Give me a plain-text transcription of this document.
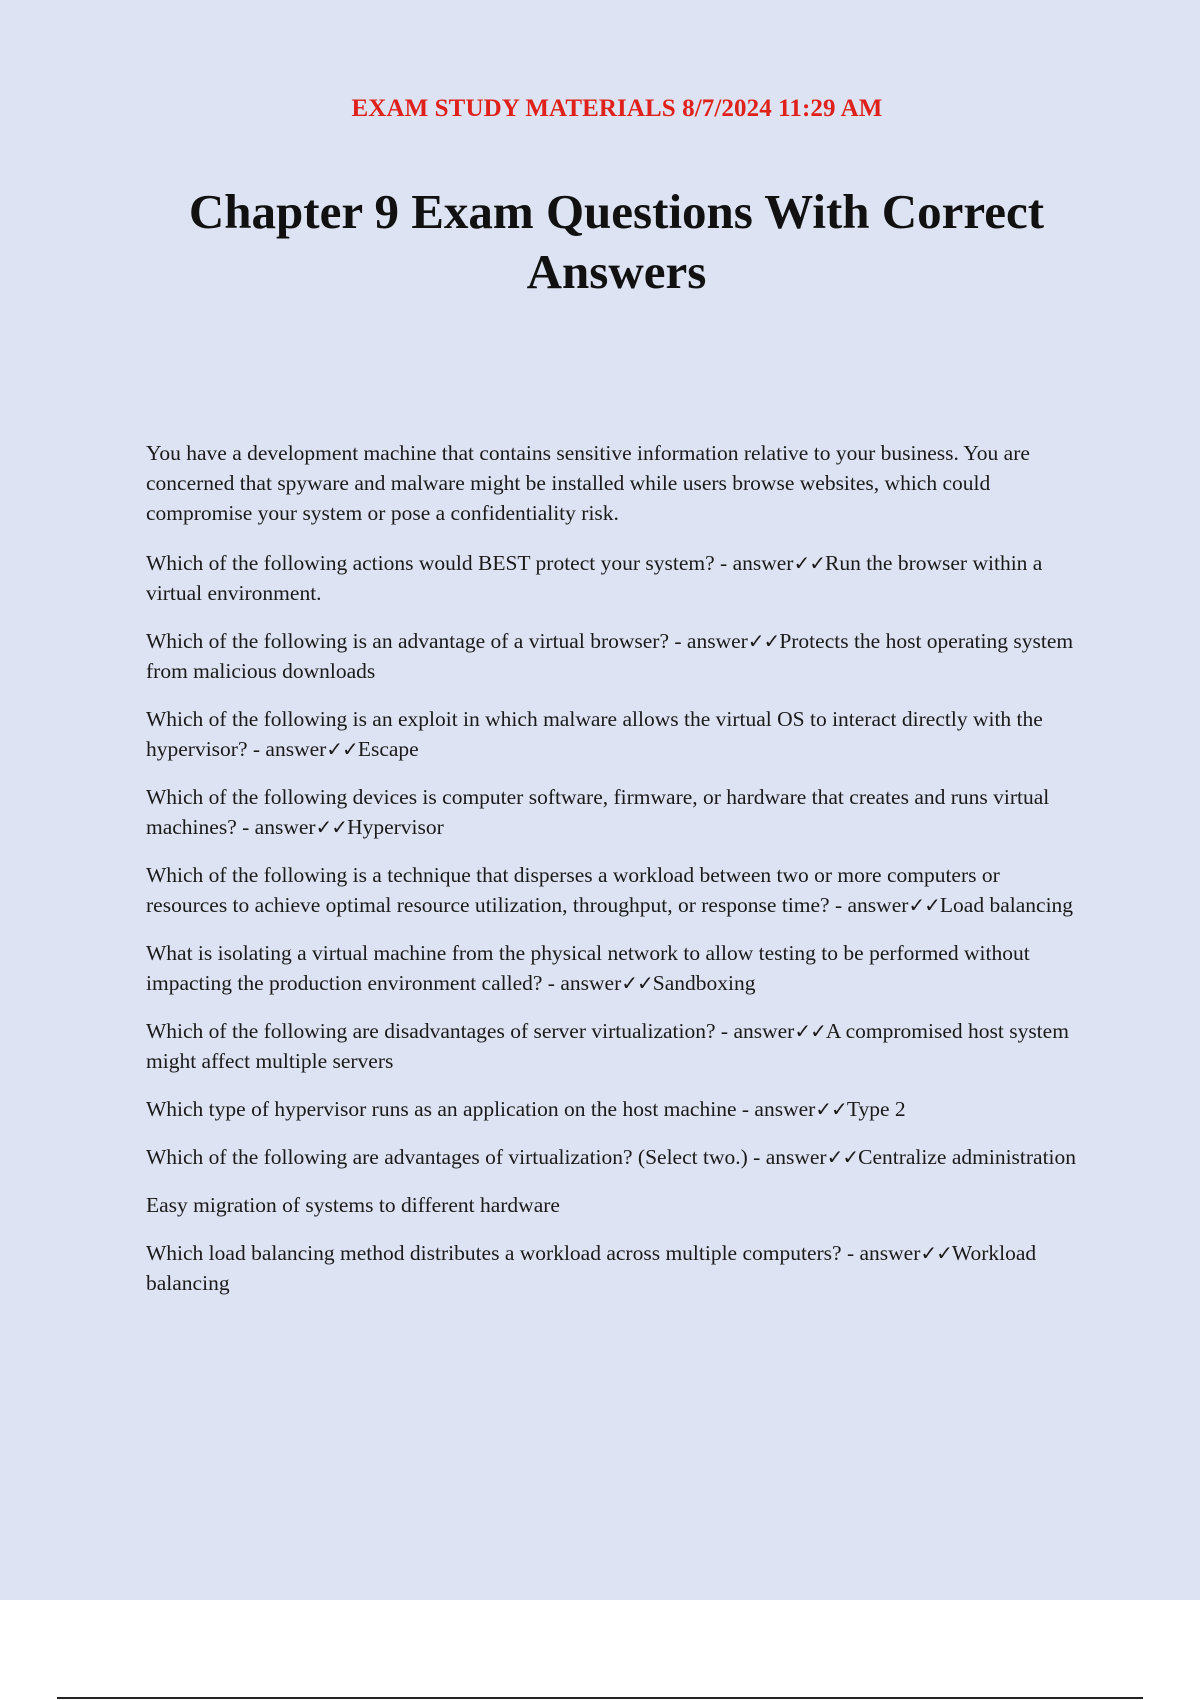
EXAM STUDY MATERIALS 8/7/2024 11:29 AM
Chapter 9 Exam Questions With Correct
Answers

You have a development machine that contains sensitive information relative to your business. You are concerned that spyware and malware might be installed while users browse websites, which could compromise your system or pose a confidentiality risk.

Which of the following actions would BEST protect your system? - answer✓✓Run the browser within a virtual environment.

Which of the following is an advantage of a virtual browser? - answer✓✓Protects the host operating system from malicious downloads

Which of the following is an exploit in which malware allows the virtual OS to interact directly with the hypervisor? - answer✓✓Escape

Which of the following devices is computer software, firmware, or hardware that creates and runs virtual machines? - answer✓✓Hypervisor

Which of the following is a technique that disperses a workload between two or more computers or resources to achieve optimal resource utilization, throughput, or response time? - answer✓✓Load balancing

What is isolating a virtual machine from the physical network to allow testing to be performed without impacting the production environment called? - answer✓✓Sandboxing

Which of the following are disadvantages of server virtualization? - answer✓✓A compromised host system might affect multiple servers

Which type of hypervisor runs as an application on the host machine - answer✓✓Type 2

Which of the following are advantages of virtualization? (Select two.) - answer✓✓Centralize administration

Easy migration of systems to different hardware

Which load balancing method distributes a workload across multiple computers? - answer✓✓Workload balancing
